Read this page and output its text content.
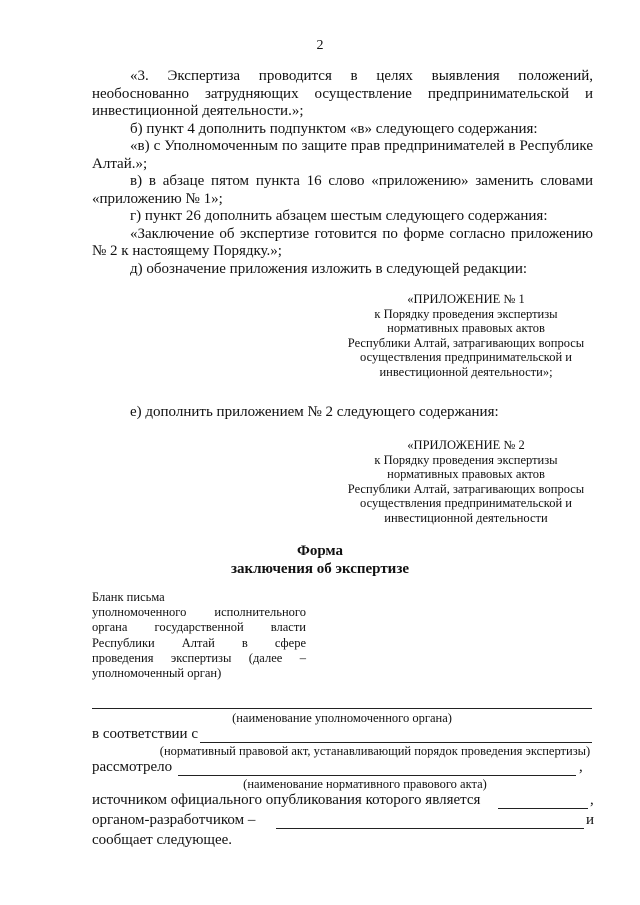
2

«3. Экспертиза проводится в целях выявления положений, необоснованно затрудняющих осуществление предпринимательской и инвестиционной деятельности.»;

б) пункт 4 дополнить подпунктом «в» следующего содержания:

«в) с Уполномоченным по защите прав предпринимателей в Республике Алтай.»;

в) в абзаце пятом пункта 16 слово «приложению» заменить словами «приложению № 1»;

г) пункт 26 дополнить абзацем шестым следующего содержания:

«Заключение об экспертизе готовится по форме согласно приложению № 2 к настоящему Порядку.»;

д) обозначение приложения изложить в следующей редакции:

«ПРИЛОЖЕНИЕ № 1
к Порядку проведения экспертизы
нормативных правовых актов
Республики Алтай, затрагивающих вопросы
осуществления предпринимательской и
инвестиционной деятельности»;

е) дополнить приложением № 2 следующего содержания:

«ПРИЛОЖЕНИЕ № 2
к Порядку проведения экспертизы
нормативных правовых актов
Республики Алтай, затрагивающих вопросы
осуществления предпринимательской и
инвестиционной деятельности
Форма
заключения об экспертизе
Бланк письма
уполномоченного исполнительного
органа государственной власти
Республики Алтай в сфере
проведения экспертизы (далее –
уполномоченный орган)
(наименование уполномоченного органа)
в соответствии с
(нормативный правовой акт, устанавливающий порядок проведения экспертизы)
рассмотрело	,
(наименование нормативного правового акта)
источником официального опубликования которого является	,
органом-разработчиком –	и
сообщает следующее.
